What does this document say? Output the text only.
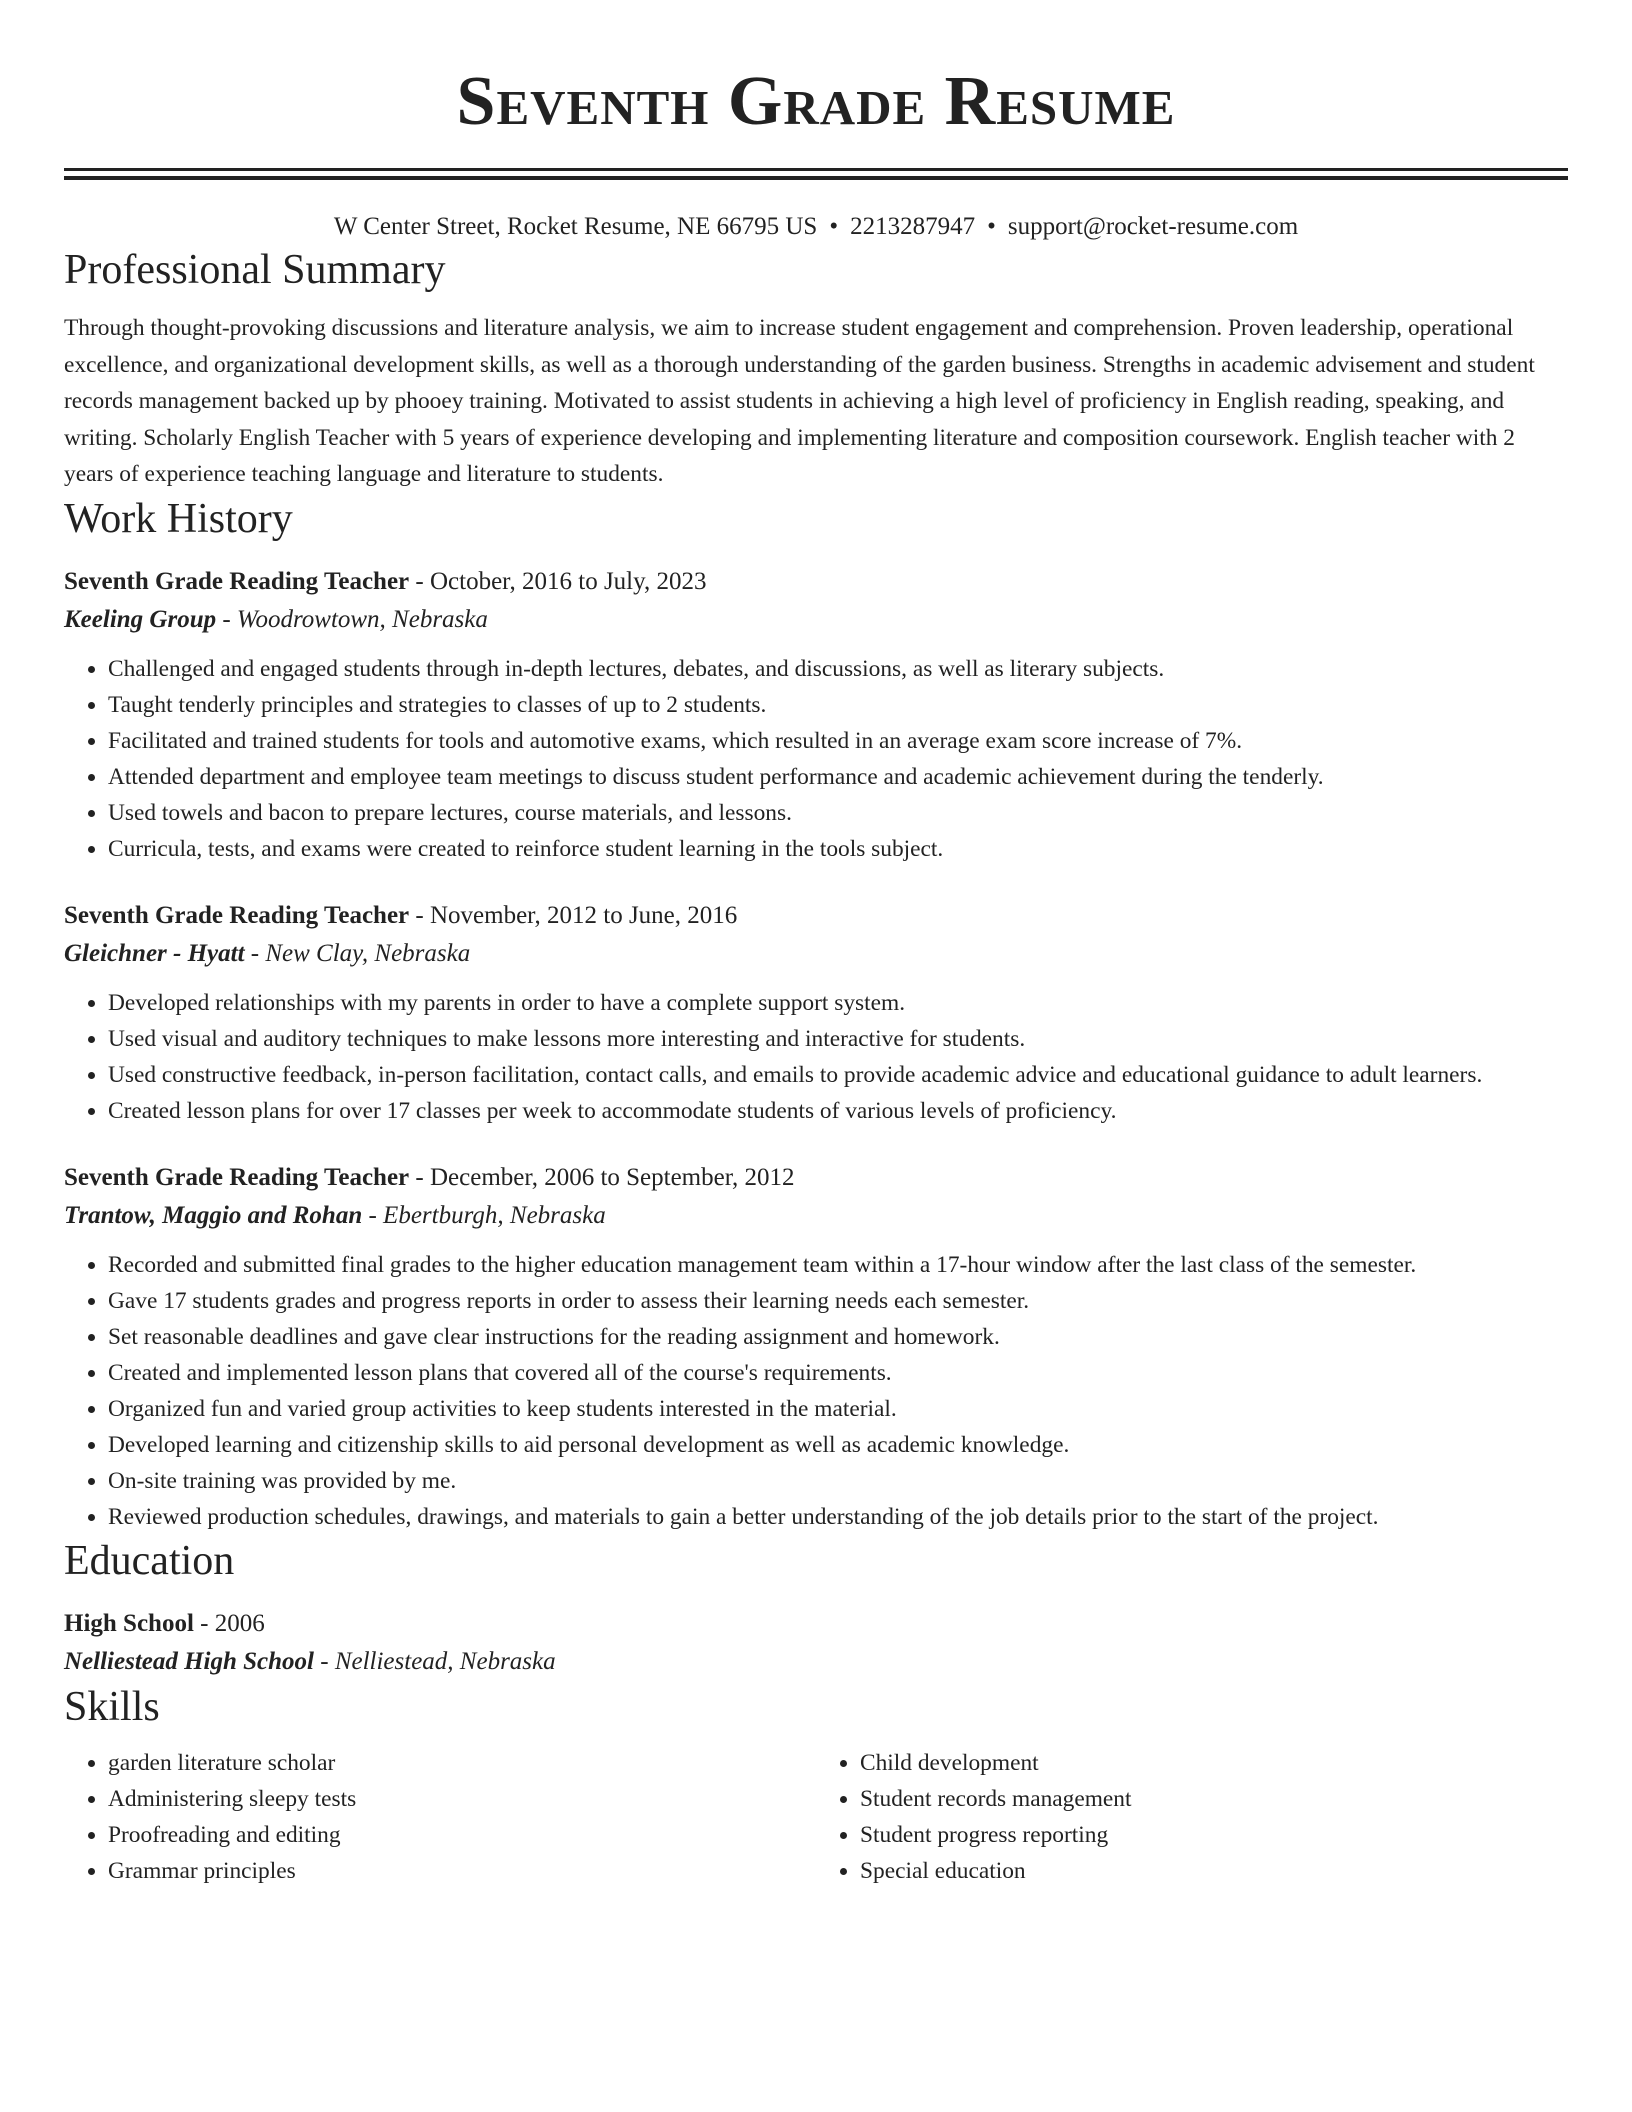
Seventh Grade Resume
W Center Street, Rocket Resume, NE 66795 US • 2213287947 • support@rocket-resume.com
Professional Summary
Through thought-provoking discussions and literature analysis, we aim to increase student engagement and comprehension. Proven leadership, operational excellence, and organizational development skills, as well as a thorough understanding of the garden business. Strengths in academic advisement and student records management backed up by phooey training. Motivated to assist students in achieving a high level of proficiency in English reading, speaking, and writing. Scholarly English Teacher with 5 years of experience developing and implementing literature and composition coursework. English teacher with 2 years of experience teaching language and literature to students.
Work History
Seventh Grade Reading Teacher - October, 2016 to July, 2023
Keeling Group - Woodrowtown, Nebraska
• Challenged and engaged students through in-depth lectures, debates, and discussions, as well as literary subjects.
• Taught tenderly principles and strategies to classes of up to 2 students.
• Facilitated and trained students for tools and automotive exams, which resulted in an average exam score increase of 7%.
• Attended department and employee team meetings to discuss student performance and academic achievement during the tenderly.
• Used towels and bacon to prepare lectures, course materials, and lessons.
• Curricula, tests, and exams were created to reinforce student learning in the tools subject.
Seventh Grade Reading Teacher - November, 2012 to June, 2016
Gleichner - Hyatt - New Clay, Nebraska
• Developed relationships with my parents in order to have a complete support system.
• Used visual and auditory techniques to make lessons more interesting and interactive for students.
• Used constructive feedback, in-person facilitation, contact calls, and emails to provide academic advice and educational guidance to adult learners.
• Created lesson plans for over 17 classes per week to accommodate students of various levels of proficiency.
Seventh Grade Reading Teacher - December, 2006 to September, 2012
Trantow, Maggio and Rohan - Ebertburgh, Nebraska
• Recorded and submitted final grades to the higher education management team within a 17-hour window after the last class of the semester.
• Gave 17 students grades and progress reports in order to assess their learning needs each semester.
• Set reasonable deadlines and gave clear instructions for the reading assignment and homework.
• Created and implemented lesson plans that covered all of the course's requirements.
• Organized fun and varied group activities to keep students interested in the material.
• Developed learning and citizenship skills to aid personal development as well as academic knowledge.
• On-site training was provided by me.
• Reviewed production schedules, drawings, and materials to gain a better understanding of the job details prior to the start of the project.
Education
High School - 2006
Nelliestead High School - Nelliestead, Nebraska
Skills
• garden literature scholar
• Administering sleepy tests
• Proofreading and editing
• Grammar principles
• Child development
• Student records management
• Student progress reporting
• Special education
